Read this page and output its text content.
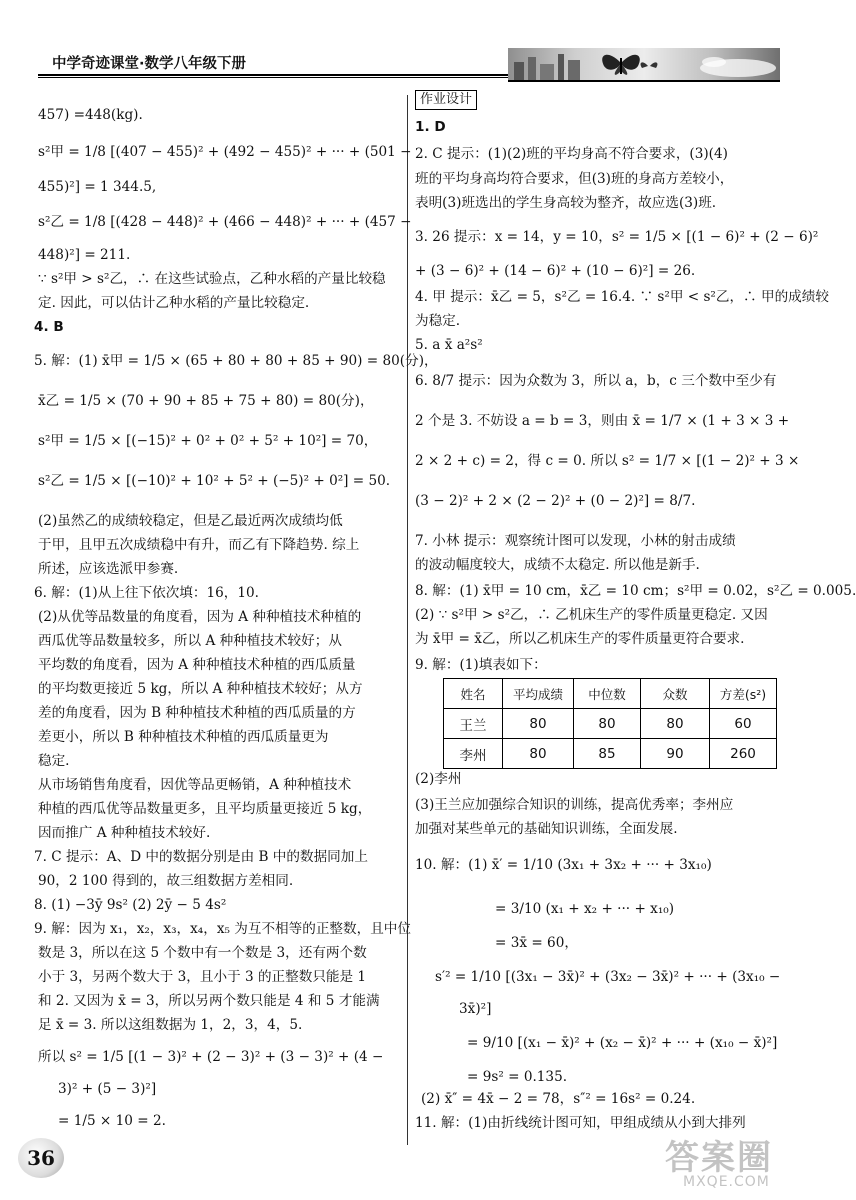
中学奇迹课堂·数学八年级下册
457) =448(kg).
s²甲 = 1/8 [(407 − 455)² + (492 − 455)² + ··· + (501 −
455)²] = 1 344.5,
s²乙 = 1/8 [(428 − 448)² + (466 − 448)² + ··· + (457 −
448)²] = 211.
∵ s²甲 > s²乙，∴ 在这些试验点，乙种水稻的产量比较稳
定. 因此，可以估计乙种水稻的产量比较稳定.
4. B
5. 解：(1) x̄甲 = 1/5 × (65 + 80 + 80 + 85 + 90) = 80(分)，
x̄乙 = 1/5 × (70 + 90 + 85 + 75 + 80) = 80(分)，
s²甲 = 1/5 × [(−15)² + 0² + 0² + 5² + 10²] = 70，
s²乙 = 1/5 × [(−10)² + 10² + 5² + (−5)² + 0²] = 50.
(2)虽然乙的成绩较稳定，但是乙最近两次成绩均低
于甲，且甲五次成绩稳中有升，而乙有下降趋势. 综上
所述，应该选派甲参赛.
6. 解：(1)从上往下依次填：16，10.
(2)从优等品数量的角度看，因为 A 种种植技术种植的
西瓜优等品数量较多，所以 A 种种植技术较好；从
平均数的角度看，因为 A 种种植技术种植的西瓜质量
的平均数更接近 5 kg，所以 A 种种植技术较好；从方
差的角度看，因为 B 种种植技术种植的西瓜质量的方
差更小，所以 B 种种植技术种植的西瓜质量更为
稳定.
从市场销售角度看，因优等品更畅销，A 种种植技术
种植的西瓜优等品数量更多，且平均质量更接近 5 kg，
因而推广 A 种种植技术较好.
7. C 提示：A、D 中的数据分别是由 B 中的数据同加上
90，2 100 得到的，故三组数据方差相同.
8. (1) −3ȳ 9s² (2) 2ȳ − 5 4s²
9. 解：因为 x₁，x₂，x₃，x₄，x₅ 为互不相等的正整数，且中位
数是 3，所以在这 5 个数中有一个数是 3，还有两个数
小于 3，另两个数大于 3，且小于 3 的正整数只能是 1
和 2. 又因为 x̄ = 3，所以另两个数只能是 4 和 5 才能满
足 x̄ = 3. 所以这组数据为 1，2，3，4，5.
所以 s² = 1/5 [(1 − 3)² + (2 − 3)² + (3 − 3)² + (4 −
3)² + (5 − 3)²]
= 1/5 × 10 = 2.
作业设计
1. D
2. C 提示：(1)(2)班的平均身高不符合要求，(3)(4)
班的平均身高均符合要求，但(3)班的身高方差较小，
表明(3)班选出的学生身高较为整齐，故应选(3)班.
3. 26 提示：x = 14，y = 10，s² = 1/5 × [(1 − 6)² + (2 − 6)²
+ (3 − 6)² + (14 − 6)² + (10 − 6)²] = 26.
4. 甲 提示：x̄乙 = 5，s²乙 = 16.4. ∵ s²甲 < s²乙，∴ 甲的成绩较
为稳定.
5. a x̄ a²s²
6. 8/7 提示：因为众数为 3，所以 a，b，c 三个数中至少有
2 个是 3. 不妨设 a = b = 3，则由 x̄ = 1/7 × (1 + 3 × 3 +
2 × 2 + c) = 2，得 c = 0. 所以 s² = 1/7 × [(1 − 2)² + 3 ×
(3 − 2)² + 2 × (2 − 2)² + (0 − 2)²] = 8/7.
7. 小林 提示：观察统计图可以发现，小林的射击成绩
的波动幅度较大，成绩不太稳定. 所以他是新手.
8. 解：(1) x̄甲 = 10 cm，x̄乙 = 10 cm；s²甲 = 0.02，s²乙 = 0.005.
(2) ∵ s²甲 > s²乙，∴ 乙机床生产的零件质量更稳定. 又因
为 x̄甲 = x̄乙，所以乙机床生产的零件质量更符合要求.
9. 解：(1)填表如下：
(2)李州
(3)王兰应加强综合知识的训练，提高优秀率；李州应
加强对某些单元的基础知识训练，全面发展.
10. 解：(1) x̄′ = 1/10 (3x₁ + 3x₂ + ··· + 3x₁₀)
= 3/10 (x₁ + x₂ + ··· + x₁₀)
= 3x̄ = 60，
s′² = 1/10 [(3x₁ − 3x̄)² + (3x₂ − 3x̄)² + ··· + (3x₁₀ −
3x̄)²]
= 9/10 [(x₁ − x̄)² + (x₂ − x̄)² + ··· + (x₁₀ − x̄)²]
= 9s² = 0.135.
(2) x̄″ = 4x̄ − 2 = 78，s″² = 16s² = 0.24.
11. 解：(1)由折线统计图可知，甲组成绩从小到大排列
姓名	平均成绩	中位数	众数	方差(s²)
王兰	80	80	80	60
李州	80	85	90	260
36	答案圈
MXQE.COM
